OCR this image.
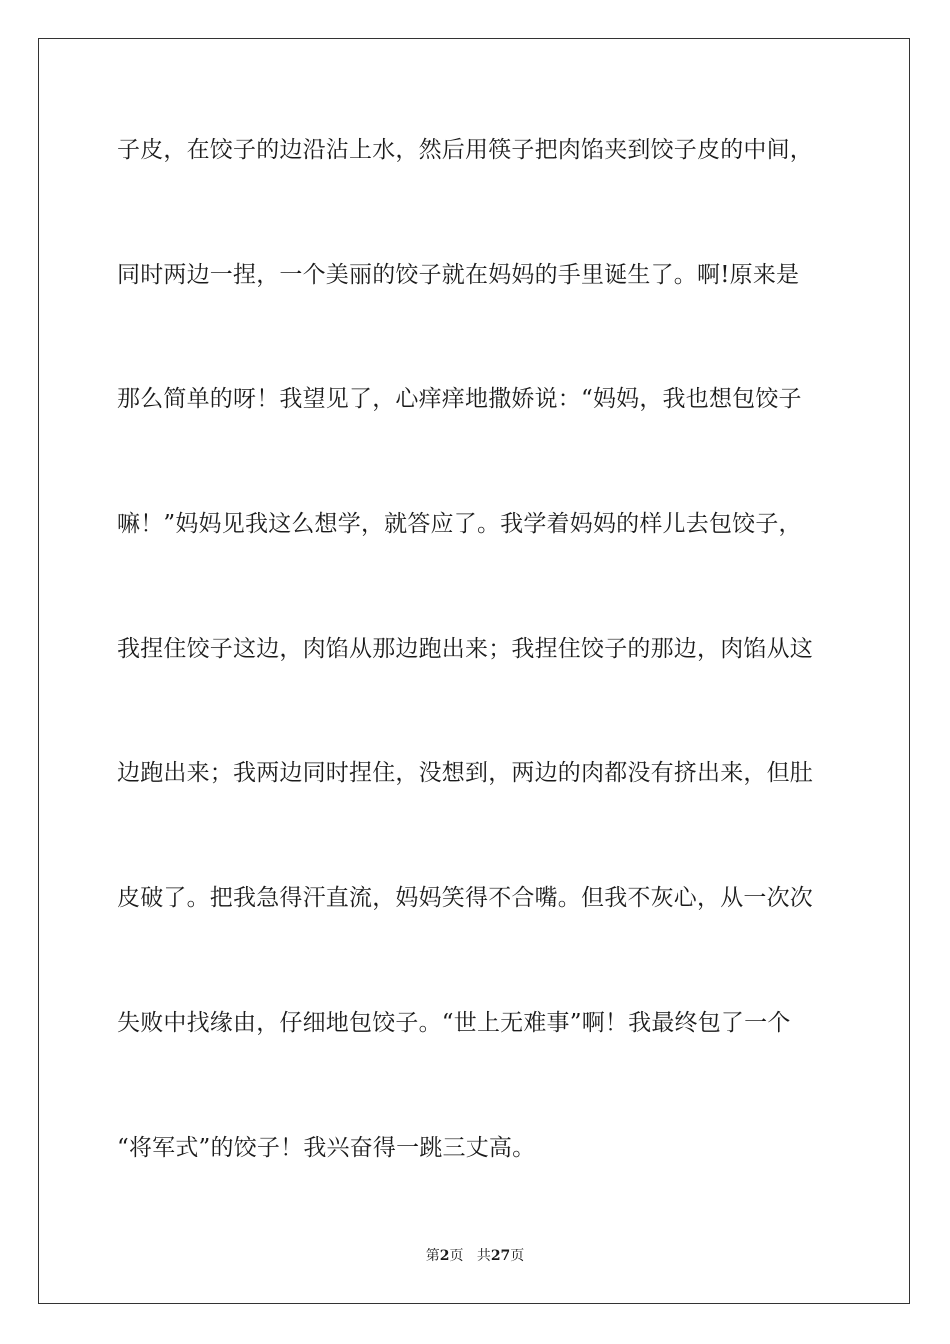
子皮，在饺子的边沿沾上水，然后用筷子把肉馅夹到饺子皮的中间，
同时两边一捏，一个美丽的饺子就在妈妈的手里诞生了。啊!原来是
那么简单的呀！我望见了，心痒痒地撒娇说：“妈妈，我也想包饺子
嘛！”妈妈见我这么想学，就答应了。我学着妈妈的样儿去包饺子，
我捏住饺子这边，肉馅从那边跑出来；我捏住饺子的那边，肉馅从这
边跑出来；我两边同时捏住，没想到，两边的肉都没有挤出来，但肚
皮破了。把我急得汗直流，妈妈笑得不合嘴。但我不灰心，从一次次
失败中找缘由，仔细地包饺子。“世上无难事”啊！我最终包了一个
“将军式”的饺子！我兴奋得一跳三丈高。
第2页 共27页
